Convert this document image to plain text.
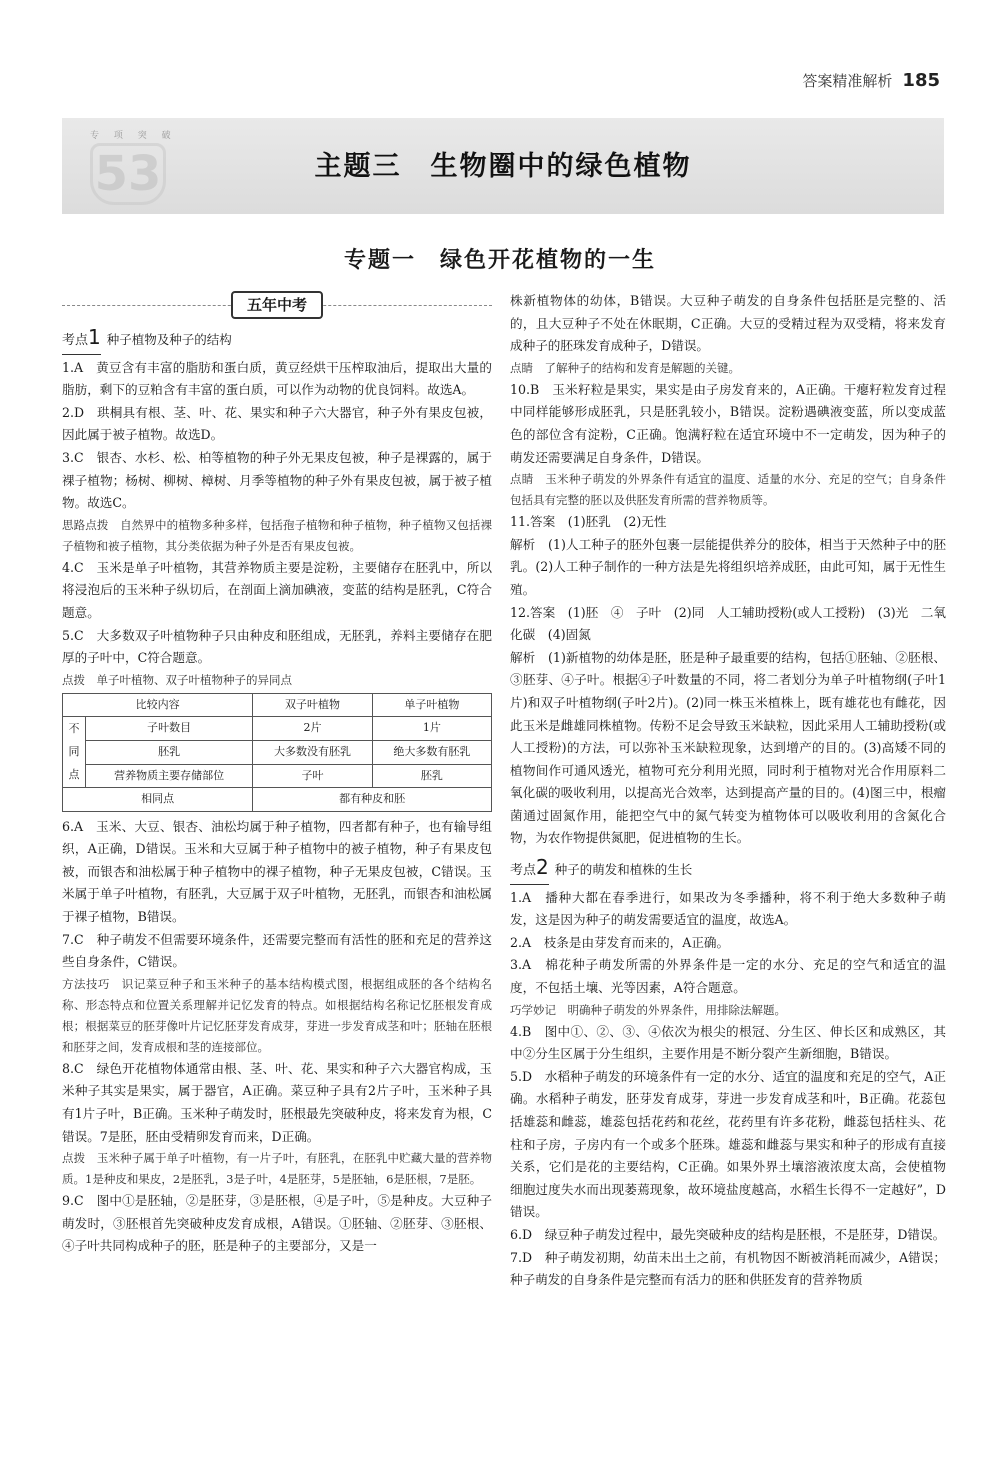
答案精准解析 185
专 项 突 破
53	主题三　生物圈中的绿色植物
专题一　绿色开花植物的一生
五年中考
考点1 种子植物及种子的结构

1.A　黄豆含有丰富的脂肪和蛋白质，黄豆经烘干压榨取油后，提取出大量的脂肪，剩下的豆粕含有丰富的蛋白质，可以作为动物的优良饲料。故选A。

2.D　珙桐具有根、茎、叶、花、果实和种子六大器官，种子外有果皮包被，因此属于被子植物。故选D。

3.C　银杏、水杉、松、柏等植物的种子外无果皮包被，种子是裸露的，属于裸子植物；杨树、柳树、樟树、月季等植物的种子外有果皮包被，属于被子植物。故选C。

思路点拨　自然界中的植物多种多样，包括孢子植物和种子植物，种子植物又包括裸子植物和被子植物，其分类依据为种子外是否有果皮包被。

4.C　玉米是单子叶植物，其营养物质主要是淀粉，主要储存在胚乳中，所以将浸泡后的玉米种子纵切后，在剖面上滴加碘液，变蓝的结构是胚乳，C符合题意。

5.C　大多数双子叶植物种子只由种皮和胚组成，无胚乳，养料主要储存在肥厚的子叶中，C符合题意。

点拨　单子叶植物、双子叶植物种子的异同点

比较内容		双子叶植物	单子叶植物
不同点	子叶数目	2片	1片
	胚乳	大多数没有胚乳	绝大多数有胚乳
	营养物质主要存储部位	子叶	胚乳
相同点		都有种皮和胚	

6.A　玉米、大豆、银杏、油松均属于种子植物，四者都有种子，也有输导组织，A正确，D错误。玉米和大豆属于种子植物中的被子植物，种子有果皮包被，而银杏和油松属于种子植物中的裸子植物，种子无果皮包被，C错误。玉米属于单子叶植物，有胚乳，大豆属于双子叶植物，无胚乳，而银杏和油松属于裸子植物，B错误。

7.C　种子萌发不但需要环境条件，还需要完整而有活性的胚和充足的营养这些自身条件，C错误。

方法技巧　识记菜豆种子和玉米种子的基本结构模式图，根据组成胚的各个结构名称、形态特点和位置关系理解并记忆发育的特点。如根据结构名称记忆胚根发育成根；根据菜豆的胚芽像叶片记忆胚芽发育成芽，芽进一步发育成茎和叶；胚轴在胚根和胚芽之间，发育成根和茎的连接部位。

8.C　绿色开花植物体通常由根、茎、叶、花、果实和种子六大器官构成，玉米种子其实是果实，属于器官，A正确。菜豆种子具有2片子叶，玉米种子具有1片子叶，B正确。玉米种子萌发时，胚根最先突破种皮，将来发育为根，C错误。7是胚，胚由受精卵发育而来，D正确。

点拨　玉米种子属于单子叶植物，有一片子叶，有胚乳，在胚乳中贮藏大量的营养物质。1是种皮和果皮，2是胚乳，3是子叶，4是胚芽，5是胚轴，6是胚根，7是胚。

9.C　图中①是胚轴，②是胚芽，③是胚根，④是子叶，⑤是种皮。大豆种子萌发时，③胚根首先突破种皮发育成根，A错误。①胚轴、②胚芽、③胚根、④子叶共同构成种子的胚，胚是种子的主要部分，又是一

株新植物体的幼体，B错误。大豆种子萌发的自身条件包括胚是完整的、活的，且大豆种子不处在休眠期，C正确。大豆的受精过程为双受精，将来发育成种子的胚珠发育成种子，D错误。

点睛　了解种子的结构和发育是解题的关键。

10.B　玉米籽粒是果实，果实是由子房发育来的，A正确。干瘪籽粒发育过程中同样能够形成胚乳，只是胚乳较小，B错误。淀粉遇碘液变蓝，所以变成蓝色的部位含有淀粉，C正确。饱满籽粒在适宜环境中不一定萌发，因为种子的萌发还需要满足自身条件，D错误。

点睛　玉米种子萌发的外界条件有适宜的温度、适量的水分、充足的空气；自身条件包括具有完整的胚以及供胚发育所需的营养物质等。

11.答案　(1)胚乳　(2)无性

解析　(1)人工种子的胚外包裹一层能提供养分的胶体，相当于天然种子中的胚乳。(2)人工种子制作的一种方法是先将组织培养成胚，由此可知，属于无性生殖。

12.答案　(1)胚　④　子叶　(2)同　人工辅助授粉(或人工授粉)　(3)光　二氧化碳　(4)固氮

解析　(1)新植物的幼体是胚，胚是种子最重要的结构，包括①胚轴、②胚根、③胚芽、④子叶。根据④子叶数量的不同，将二者划分为单子叶植物纲(子叶1片)和双子叶植物纲(子叶2片)。(2)同一株玉米植株上，既有雄花也有雌花，因此玉米是雌雄同株植物。传粉不足会导致玉米缺粒，因此采用人工辅助授粉(或人工授粉)的方法，可以弥补玉米缺粒现象，达到增产的目的。(3)高矮不同的植物间作可通风透光，植物可充分利用光照，同时利于植物对光合作用原料二氧化碳的吸收利用，以提高光合效率，达到提高产量的目的。(4)图三中，根瘤菌通过固氮作用，能把空气中的氮气转变为植物体可以吸收利用的含氮化合物，为农作物提供氮肥，促进植物的生长。

考点2 种子的萌发和植株的生长

1.A　播种大都在春季进行，如果改为冬季播种，将不利于绝大多数种子萌发，这是因为种子的萌发需要适宜的温度，故选A。

2.A　枝条是由芽发育而来的，A正确。

3.A　棉花种子萌发所需的外界条件是一定的水分、充足的空气和适宜的温度，不包括土壤、光等因素，A符合题意。

巧学妙记　明确种子萌发的外界条件，用排除法解题。

4.B　图中①、②、③、④依次为根尖的根冠、分生区、伸长区和成熟区，其中②分生区属于分生组织，主要作用是不断分裂产生新细胞，B错误。

5.D　水稻种子萌发的环境条件有一定的水分、适宜的温度和充足的空气，A正确。水稻种子萌发，胚芽发育成芽，芽进一步发育成茎和叶，B正确。花蕊包括雄蕊和雌蕊，雄蕊包括花药和花丝，花药里有许多花粉，雌蕊包括柱头、花柱和子房，子房内有一个或多个胚珠。雄蕊和雌蕊与果实和种子的形成有直接关系，它们是花的主要结构，C正确。如果外界土壤溶液浓度太高，会使植物细胞过度失水而出现萎蔫现象，故环境盐度越高，水稻生长得不一定越好”，D错误。

6.D　绿豆种子萌发过程中，最先突破种皮的结构是胚根，不是胚芽，D错误。

7.D　种子萌发初期，幼苗未出土之前，有机物因不断被消耗而减少，A错误；种子萌发的自身条件是完整而有活力的胚和供胚发育的营养物质
